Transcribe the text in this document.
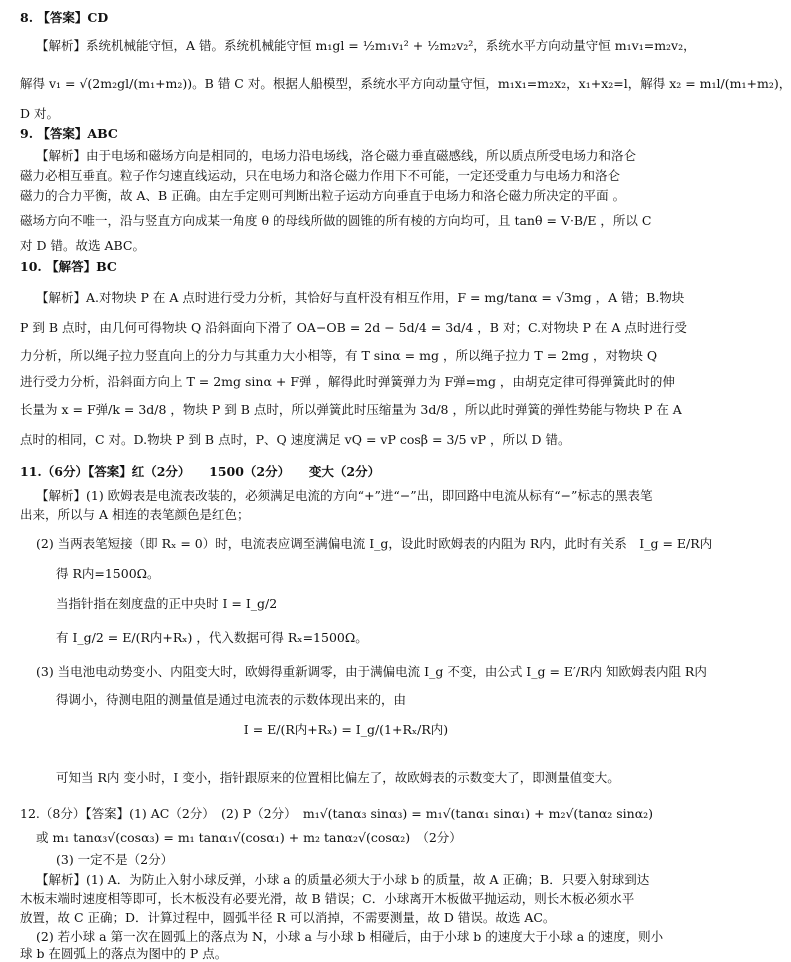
8. 【答案】CD
【解析】系统机械能守恒，A 错。系统机械能守恒 m₁gl = ½m₁v₁² + ½m₂v₂²，系统水平方向动量守恒 m₁v₁=m₂v₂，
解得 v₁ = √(2m₂gl/(m₁+m₂))。B 错 C 对。根据人船模型，系统水平方向动量守恒，m₁x₁=m₂x₂，x₁+x₂=l，解得 x₂ = m₁l/(m₁+m₂)，
D 对。
9. 【答案】ABC
【解析】由于电场和磁场方向是相同的，电场力沿电场线，洛仑磁力垂直磁感线，所以质点所受电场力和洛仑
磁力必相互垂直。粒子作匀速直线运动，只在电场力和洛仑磁力作用下不可能，一定还受重力与电场力和洛仑
磁力的合力平衡，故 A、B 正确。由左手定则可判断出粒子运动方向垂直于电场力和洛仑磁力所决定的平面 。
磁场方向不唯一，沿与竖直方向成某一角度 θ 的母线所做的圆锥的所有棱的方向均可，且 tanθ = V·B/E ，所以 C
对 D 错。故选 ABC。
10. 【解答】BC
【解析】A.对物块 P 在 A 点时进行受力分析，其恰好与直杆没有相互作用，F = mg/tanα = √3mg ，A 错；B.物块
P 到 B 点时，由几何可得物块 Q 沿斜面向下滑了 OA−OB = 2d − 5d/4 = 3d/4 ，B 对；C.对物块 P 在 A 点时进行受
力分析，所以绳子拉力竖直向上的分力与其重力大小相等，有 T sinα = mg ，所以绳子拉力 T = 2mg ，对物块 Q
进行受力分析，沿斜面方向上 T = 2mg sinα + F弹 ，解得此时弹簧弹力为 F弹=mg ，由胡克定律可得弹簧此时的伸
长量为 x = F弹/k = 3d/8 ，物块 P 到 B 点时，所以弹簧此时压缩量为 3d/8 ，所以此时弹簧的弹性势能与物块 P 在 A
点时的相同，C 对。D.物块 P 到 B 点时，P、Q 速度满足 vQ = vP cosβ = 3/5 vP ，所以 D 错。
11.（6分）【答案】红（2分）　　1500（2分）　　变大（2分）
【解析】(1) 欧姆表是电流表改装的，必须满足电流的方向“+”进“−”出，即回路中电流从标有“−”标志的黑表笔
出来，所以与 A 相连的表笔颜色是红色；
(2) 当两表笔短接（即 Rₓ = 0）时，电流表应调至满偏电流 I_g，设此时欧姆表的内阻为 R内，此时有关系　I_g = E/R内
得 R内=1500Ω。
当指针指在刻度盘的正中央时 I = I_g/2
有 I_g/2 = E/(R内+Rₓ) ，代入数据可得 Rₓ=1500Ω。
(3) 当电池电动势变小、内阻变大时，欧姆得重新调零，由于满偏电流 I_g 不变，由公式 I_g = E′/R内 知欧姆表内阻 R内
得调小，待测电阻的测量值是通过电流表的示数体现出来的，由
I = E/(R内+Rₓ) = I_g/(1+Rₓ/R内)
可知当 R内 变小时，I 变小，指针跟原来的位置相比偏左了，故欧姆表的示数变大了，即测量值变大。
12.（8分）【答案】(1) AC（2分）　(2) P（2分）　m₁√(tanα₃ sinα₃) = m₁√(tanα₁ sinα₁) + m₂√(tanα₂ sinα₂)
或 m₁ tanα₃√(cosα₃) = m₁ tanα₁√(cosα₁) + m₂ tanα₂√(cosα₂)　（2分）
(3) 一定不是（2分）
【解析】(1) A．为防止入射小球反弹，小球 a 的质量必须大于小球 b 的质量，故 A 正确；B．只要入射球到达
木板末端时速度相等即可，长木板没有必要光滑，故 B 错误；C．小球离开木板做平抛运动，则长木板必须水平
放置，故 C 正确；D．计算过程中，圆弧半径 R 可以消掉，不需要测量，故 D 错误。故选 AC。
(2) 若小球 a 第一次在圆弧上的落点为 N，小球 a 与小球 b 相碰后，由于小球 b 的速度大于小球 a 的速度，则小
球 b 在圆弧上的落点为图中的 P 点。
